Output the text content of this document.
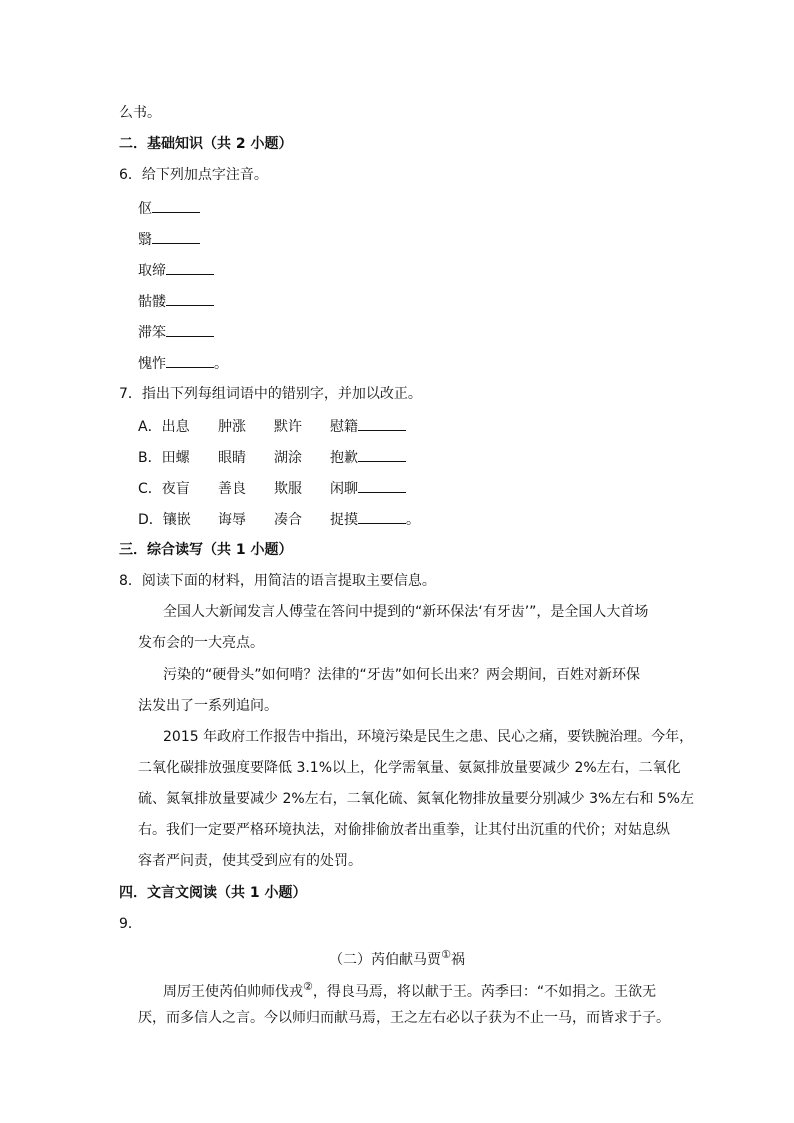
么书。
二．基础知识（共 2 小题）
6．给下列加点字注音。
伛
翳
取缔
骷髅
滞笨
愧怍	。
7．指出下列每组词语中的错别字，并加以改正。
A．出息 肿涨 默许 慰籍
B．田螺 眼睛 湖涂 抱歉
C．夜盲 善良 欺服 闲聊
D．镶嵌 诲辱 凑合 捉摸	。
三．综合读写（共 1 小题）
8．阅读下面的材料，用简洁的语言提取主要信息。
全国人大新闻发言人傅莹在答问中提到的“新环保法‘有牙齿’”，是全国人大首场
发布会的一大亮点。
污染的“硬骨头”如何啃？法律的“牙齿”如何长出来？两会期间，百姓对新环保
法发出了一系列追问。
2015 年政府工作报告中指出，环境污染是民生之患、民心之痛，要铁腕治理。今年，
二氧化碳排放强度要降低 3.1%以上，化学需氧量、氨氮排放量要减少 2%左右，二氧化
硫、氮氧排放量要减少 2%左右，二氧化硫、氮氧化物排放量要分别减少 3%左右和 5%左
右。我们一定要严格环境执法，对偷排偷放者出重拳，让其付出沉重的代价；对姑息纵
容者严问责，使其受到应有的处罚。
四．文言文阅读（共 1 小题）
9．
（二）芮伯献马贾①祸
周厉王使芮伯帅师伐戎②，得良马焉，将以献于王。芮季曰：“不如捐之。王欲无
厌，而多信人之言。今以师归而献马焉，王之左右必以子获为不止一马，而皆求于子。
